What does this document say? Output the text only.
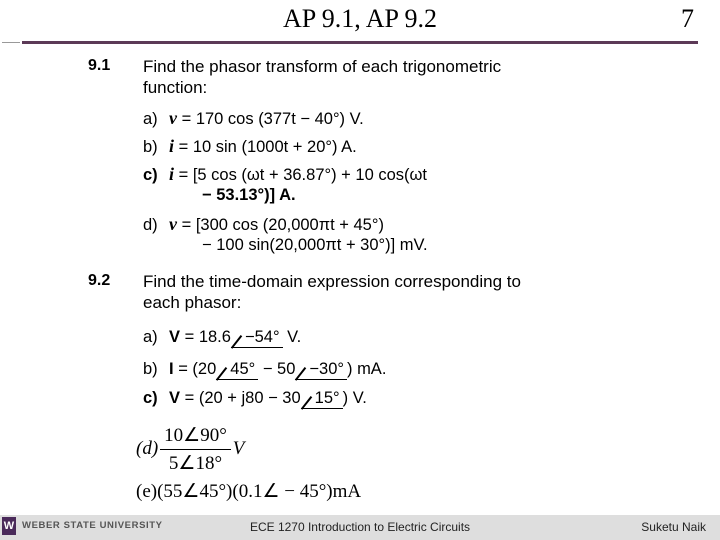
AP 9.1, AP 9.2	7
9.1 Find the phasor transform of each trigonometric function:
a) v = 170 cos (377t − 40°) V.
b) i = 10 sin (1000t + 20°) A.
c) i = [5 cos (ωt + 36.87°) + 10 cos(ωt
− 53.13°)] A.
d) v = [300 cos (20,000πt + 45°)
− 100 sin(20,000πt + 30°)] mV.
9.2 Find the time-domain expression corresponding to each phasor:
a) V = 18.6 −54° V.
b) I = (20 45° − 50 −30° ) mA.
c) V = (20 + j80 − 30 15° ) V.
$(d) \frac{10\angle 90^\circ}{5\angle 18^\circ}$ V
(e)(55∠45°)(0.1∠ − 45°)mA
W WEBER STATE UNIVERSITY	ECE 1270 Introduction to Electric Circuits	Suketu Naik
